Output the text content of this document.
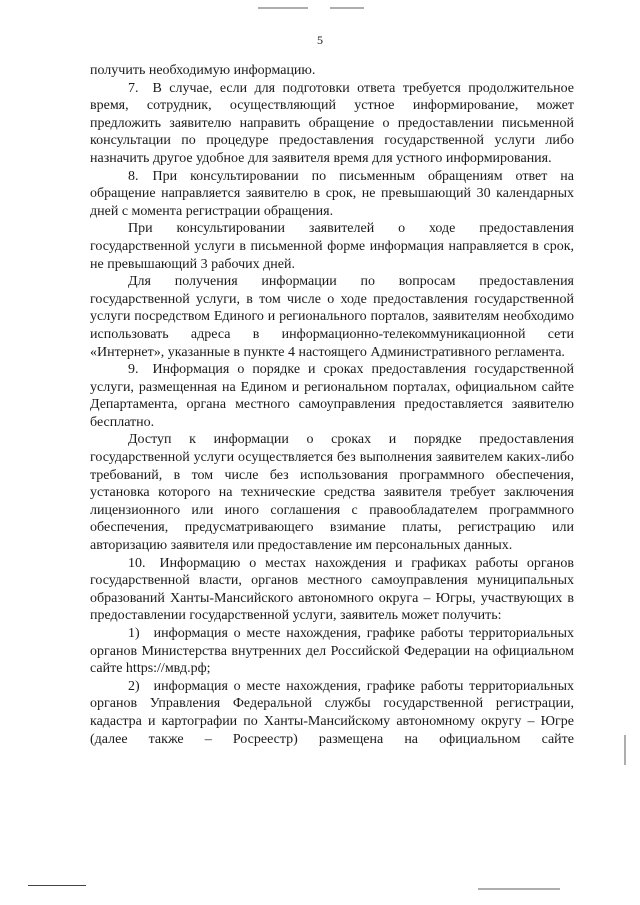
5

получить необходимую информацию.

7. В случае, если для подготовки ответа требуется продолжительное время, сотрудник, осуществляющий устное информирование, может предложить заявителю направить обращение о предоставлении письменной консультации по процедуре предоставления государственной услуги либо назначить другое удобное для заявителя время для устного информирования.

8. При консультировании по письменным обращениям ответ на обращение направляется заявителю в срок, не превышающий 30 календарных дней с момента регистрации обращения.

При консультировании заявителей о ходе предоставления государственной услуги в письменной форме информация направляется в срок, не превышающий 3 рабочих дней.

Для получения информации по вопросам предоставления государственной услуги, в том числе о ходе предоставления государственной услуги посредством Единого и регионального порталов, заявителям необходимо использовать адреса в информационно-телекоммуникационной сети «Интернет», указанные в пункте 4 настоящего Административного регламента.

9. Информация о порядке и сроках предоставления государственной услуги, размещенная на Едином и региональном порталах, официальном сайте Департамента, органа местного самоуправления предоставляется заявителю бесплатно.

Доступ к информации о сроках и порядке предоставления государственной услуги осуществляется без выполнения заявителем каких-либо требований, в том числе без использования программного обеспечения, установка которого на технические средства заявителя требует заключения лицензионного или иного соглашения с правообладателем программного обеспечения, предусматривающего взимание платы, регистрацию или авторизацию заявителя или предоставление им персональных данных.

10. Информацию о местах нахождения и графиках работы органов государственной власти, органов местного самоуправления муниципальных образований Ханты-Мансийского автономного округа – Югры, участвующих в предоставлении государственной услуги, заявитель может получить:

1) информация о месте нахождения, графике работы территориальных органов Министерства внутренних дел Российской Федерации на официальном сайте https://мвд.рф;

2) информация о месте нахождения, графике работы территориальных органов Управления Федеральной службы государственной регистрации, кадастра и картографии по Ханты-Мансийскому автономному округу – Югре (далее также – Росреестр) размещена на официальном сайте
